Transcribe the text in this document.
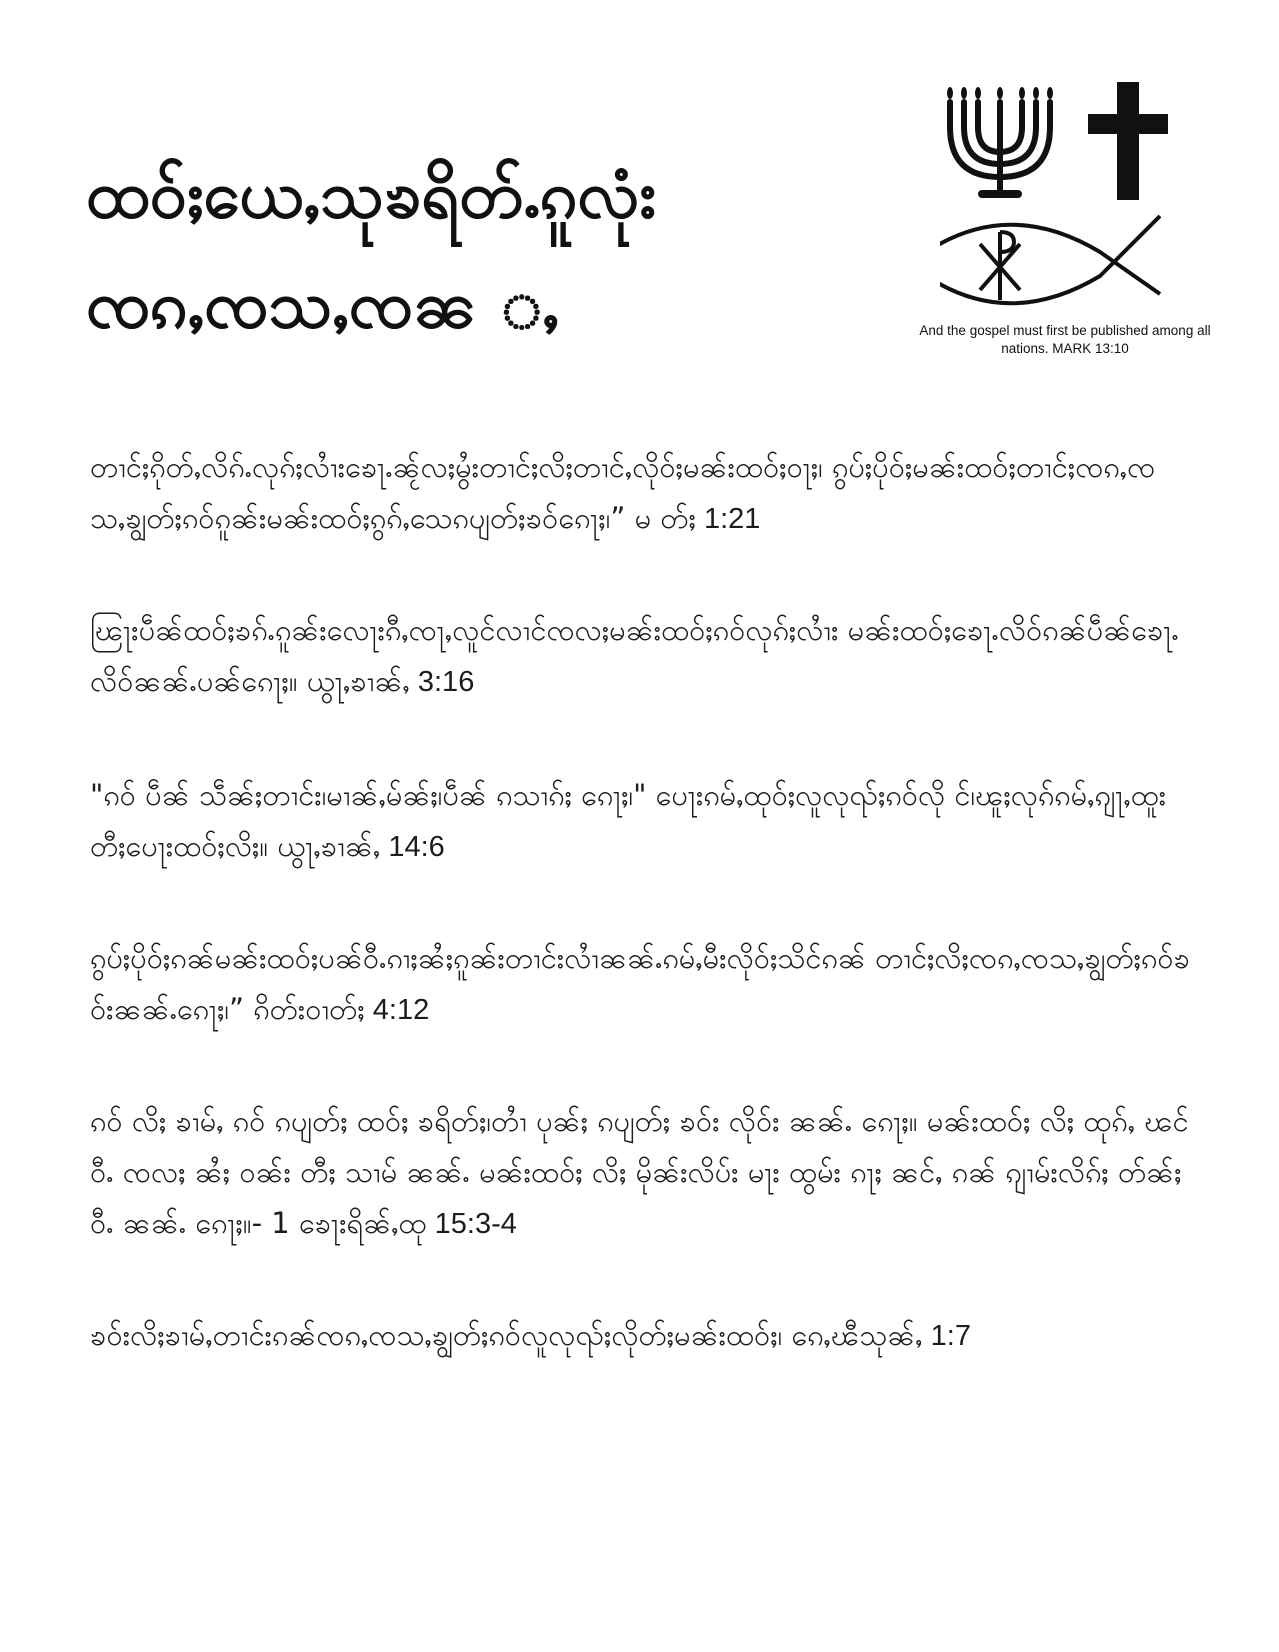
ထဝ်ႈယေႇသုၶရိတ်ႉၵူလုံး
ၸၵႇၸသႇၸၼ ႇ	And the gospel must first be published among all nations. MARK 13:10

တၢင်ႈၵိုတ်ႇလိၵ်ႉလုၵ်ႈလၢႆးၶေႃႉၼႂ်လႈမွႆးတၢင်ႈလိႈတၢင်ႇလိုဝ်ႈမၼ်းထဝ်ႈဝႃႈ၊ ၵွပ်ႈပိုဝ်ႈမၼ်းထဝ်ႈတၢင်ႈၸၵႇၸသႇၶျွတ်ႈၵဝ်ၵူၼ်းမၼ်းထဝ်ႈၵွၵ်ႇသေၵပျတ်ႈၶဝ်ၵေႃႈ၊” မ တ်ႈ 1:21

ၽြႃးပဵၼ်ထဝ်ႈၶၵ်ႉၵူၼ်းလေႃးၵီႇၸႃႇလူင်လၢင်ၸလႈမၼ်းထဝ်ႈၵဝ်လုၵ်ႈလၢႆး မၼ်းထဝ်ႈၶေႃႉလိဝ်ၵၼ်ပဵၼ်ၶေႃႉလိဝ်ၼၼ်ႉပၼ်ၵေႃႈ။ ယွႃႇၶၢၼ်ႇ 3:16

"ၵဝ် ပဵၼ် သဵၼ်ႈတၢင်း၊မၢၼ်ႇမ်ၼ်ႈ၊ပဵၼ် ၵသၢၵ်ႈ ၵေႃႈ၊" ပေႃးၵမ်ႇထုဝ်ႈလူလုၺ်ႈၵဝ်လို င်၊ၽူႈလုၵ်ၵမ်ႇၵျႃႇထူးတီႈပေႃးထဝ်ႈလိႈ။ ယွႃႇၶၢၼ်ႇ 14:6

ၵွပ်ႈပိုဝ်ႈၵၼ်မၼ်းထဝ်ႈပၼ်ဝီႉၵၢႈၼႆႈၵူၼ်းတၢင်းလၢႆၼၼ်ႉၵမ်ႇမီးလိုဝ်ႈသိင်ၵၼ် တၢင်ႈလိႈၸၵႇၸသႇၶျွတ်ႈၵဝ်ၶဝ်းၼၼ်ႉၵေႃႈ၊” ၵိတ်းဝၢတ်ႈ 4:12

ၵဝ် လိႈ ၶၢမ်ႇ ၵဝ် ၵပျတ်ႈ ထဝ်ႈ ၶရိတ်ႈ၊တၢႆ ပုၼ်ႈ ၵပျတ်ႈ ၶဝ်း လိုဝ်း ၼၼ်ႉ ၵေႃႈ။ မၼ်းထဝ်ႈ လိႈ ထုၵ်ႇ ၽင် ဝီႉ ၸလႈ ၼႆႈ ဝၼ်း တီႈ သၢမ် ၼၼ်ႉ မၼ်းထဝ်ႈ လိႈ မိုၼ်းလိပ်း မႃး ထွမ်း ၵႃႈ ၼင်ႇ ၵၼ် ၵျၢမ်းလိၵ်ႈ တ်ၼ်ႈ ဝီႉ ၼၼ်ႉ ၵေႃႈ။- 1 ၶေႃးရိၼ်ႇထု 15:3-4

ၶဝ်းလိႈၶၢမ်ႇတၢင်းၵၼ်ၸၵႇၸသႇၶျွတ်ႈၵဝ်လူလုၺ်ႈလိုတ်ႈမၼ်းထဝ်ႈ၊ ၵေႇၽီသုၼ်ႇ 1:7
